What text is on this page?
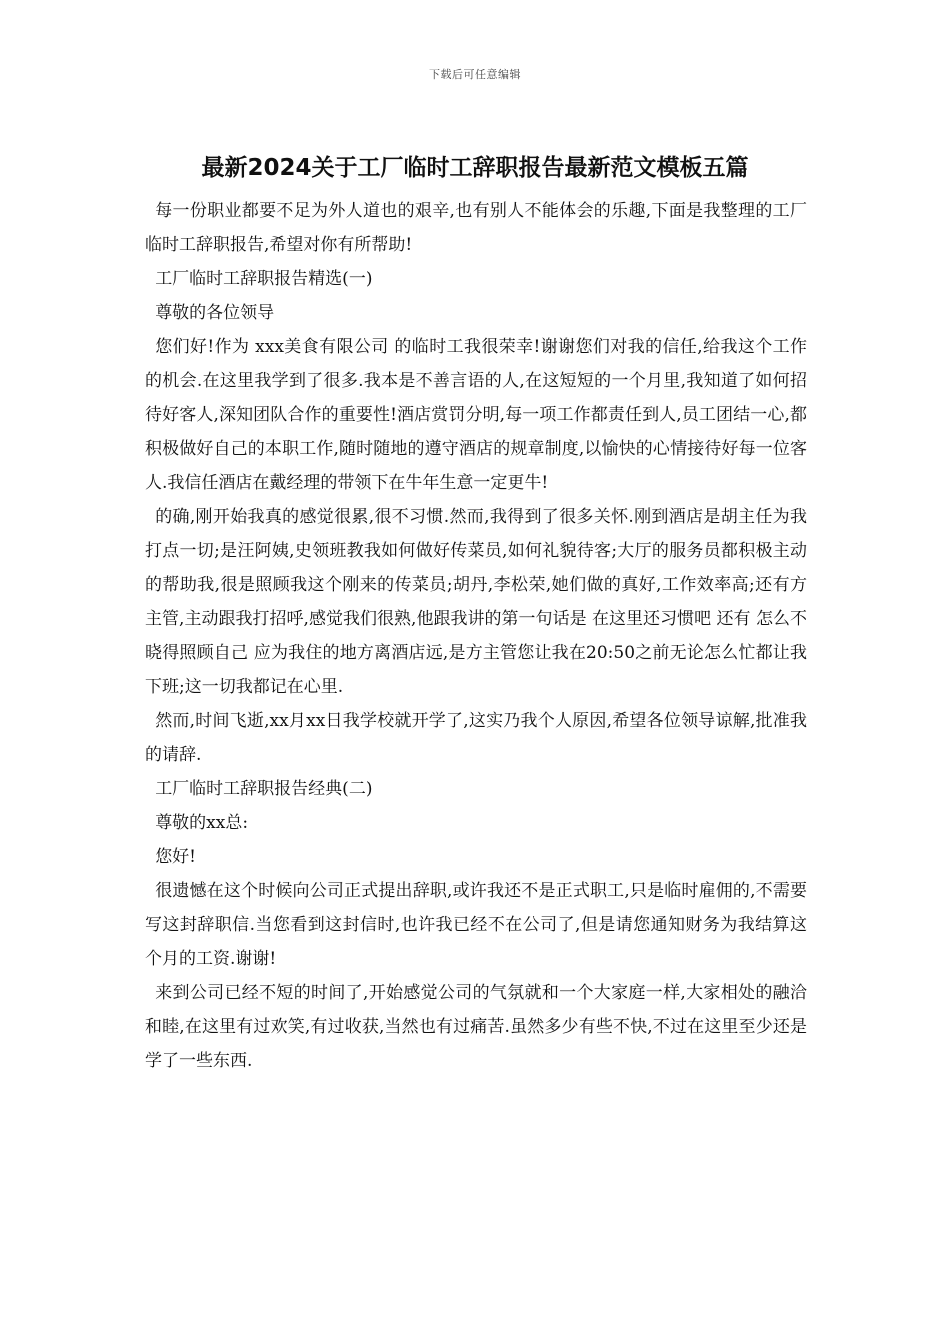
下载后可任意编辑
最新2024关于工厂临时工辞职报告最新范文模板五篇

每一份职业都要不足为外人道也的艰辛,也有别人不能体会的乐趣,下面是我整理的工厂临时工辞职报告,希望对你有所帮助!

工厂临时工辞职报告精选(一)

尊敬的各位领导

您们好!作为 xxx美食有限公司 的临时工我很荣幸!谢谢您们对我的信任,给我这个工作的机会.在这里我学到了很多.我本是不善言语的人,在这短短的一个月里,我知道了如何招待好客人,深知团队合作的重要性!酒店赏罚分明,每一项工作都责任到人,员工团结一心,都积极做好自己的本职工作,随时随地的遵守酒店的规章制度,以愉快的心情接待好每一位客人.我信任酒店在戴经理的带领下在牛年生意一定更牛!

的确,刚开始我真的感觉很累,很不习惯.然而,我得到了很多关怀.刚到酒店是胡主任为我打点一切;是汪阿姨,史领班教我如何做好传菜员,如何礼貌待客;大厅的服务员都积极主动的帮助我,很是照顾我这个刚来的传菜员;胡丹,李松荣,她们做的真好,工作效率高;还有方主管,主动跟我打招呼,感觉我们很熟,他跟我讲的第一句话是 在这里还习惯吧 还有 怎么不晓得照顾自己 应为我住的地方离酒店远,是方主管您让我在20:50之前无论怎么忙都让我下班;这一切我都记在心里.

然而,时间飞逝,xx月xx日我学校就开学了,这实乃我个人原因,希望各位领导谅解,批准我的请辞.

工厂临时工辞职报告经典(二)

尊敬的xx总:

您好!

很遗憾在这个时候向公司正式提出辞职,或许我还不是正式职工,只是临时雇佣的,不需要写这封辞职信.当您看到这封信时,也许我已经不在公司了,但是请您通知财务为我结算这个月的工资.谢谢!

来到公司已经不短的时间了,开始感觉公司的气氛就和一个大家庭一样,大家相处的融洽和睦,在这里有过欢笑,有过收获,当然也有过痛苦.虽然多少有些不快,不过在这里至少还是学了一些东西.
